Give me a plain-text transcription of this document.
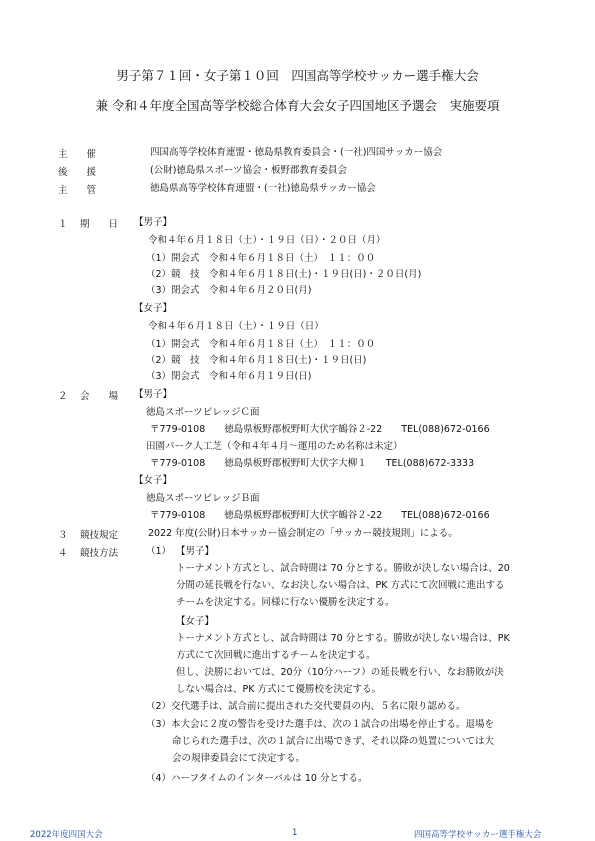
男子第７１回・女子第１０回　四国高等学校サッカー選手権大会
兼 令和４年度全国高等学校総合体育大会女子四国地区予選会　実施要項
主　　催	四国高等学校体育連盟・徳島県教育委員会・(一社)四国サッカー協会
後　　援	(公財)徳島県スポーツ協会・板野郡教育委員会
主　　管	徳島県高等学校体育連盟・(一社)徳島県サッカー協会
１ 期　　日 【男子】
令和４年６月１８日（土）・１９日（日）・２０日（月）
（1）開会式　令和４年６月１８日（土）　１１：００
（2）競　技　令和４年６月１８日(土)・１９日(日)・２０日(月)
（3）閉会式　令和４年６月２０日(月)
【女子】
令和４年６月１８日（土）・１９日（日）
（1）開会式　令和４年６月１８日（土）　１１：００
（2）競　技　令和４年６月１８日(土)・１９日(日)
（3）閉会式　令和４年６月１９日(日)
２ 会　　場 【男子】
徳島スポーツビレッジＣ面
〒779-0108　　徳島県板野郡板野町大伏字鶴谷２-22　　TEL(088)672-0166
田園パーク人工芝（令和４年４月～運用のため名称は未定）
〒779-0108　　徳島県板野郡板野町大伏字大柳１　　TEL(088)672-3333
【女子】
徳島スポーツビレッジＢ面
〒779-0108　　徳島県板野郡板野町大伏字鶴谷２-22　　TEL(088)672-0166
３ 競技規定	2022 年度(公財)日本サッカー協会制定の「サッカー競技規則」による。
４ 競技方法	（1） 【男子】
トーナメント方式とし、試合時間は 70 分とする。勝敗が決しない場合は、20
分間の延長戦を行ない、なお決しない場合は、PK 方式にて次回戦に進出する
チームを決定する。同様に行ない優勝を決定する。
【女子】
トーナメント方式とし、試合時間は 70 分とする。勝敗が決しない場合は、PK
方式にて次回戦に進出するチームを決定する。
但し、決勝においては、20分（10分ハーフ）の延長戦を行い、なお勝敗が決
しない場合は、PK 方式にて優勝校を決定する。
（2）交代選手は、試合前に提出された交代要員の内、５名に限り認める。
（3）本大会に２度の警告を受けた選手は、次の１試合の出場を停止する。退場を
命じられた選手は、次の１試合に出場できず、それ以降の処置については大
会の規律委員会にて決定する。
（4）ハーフタイムのインターバルは 10 分とする。
2022年度四国大会	1	四国高等学校サッカー選手権大会
